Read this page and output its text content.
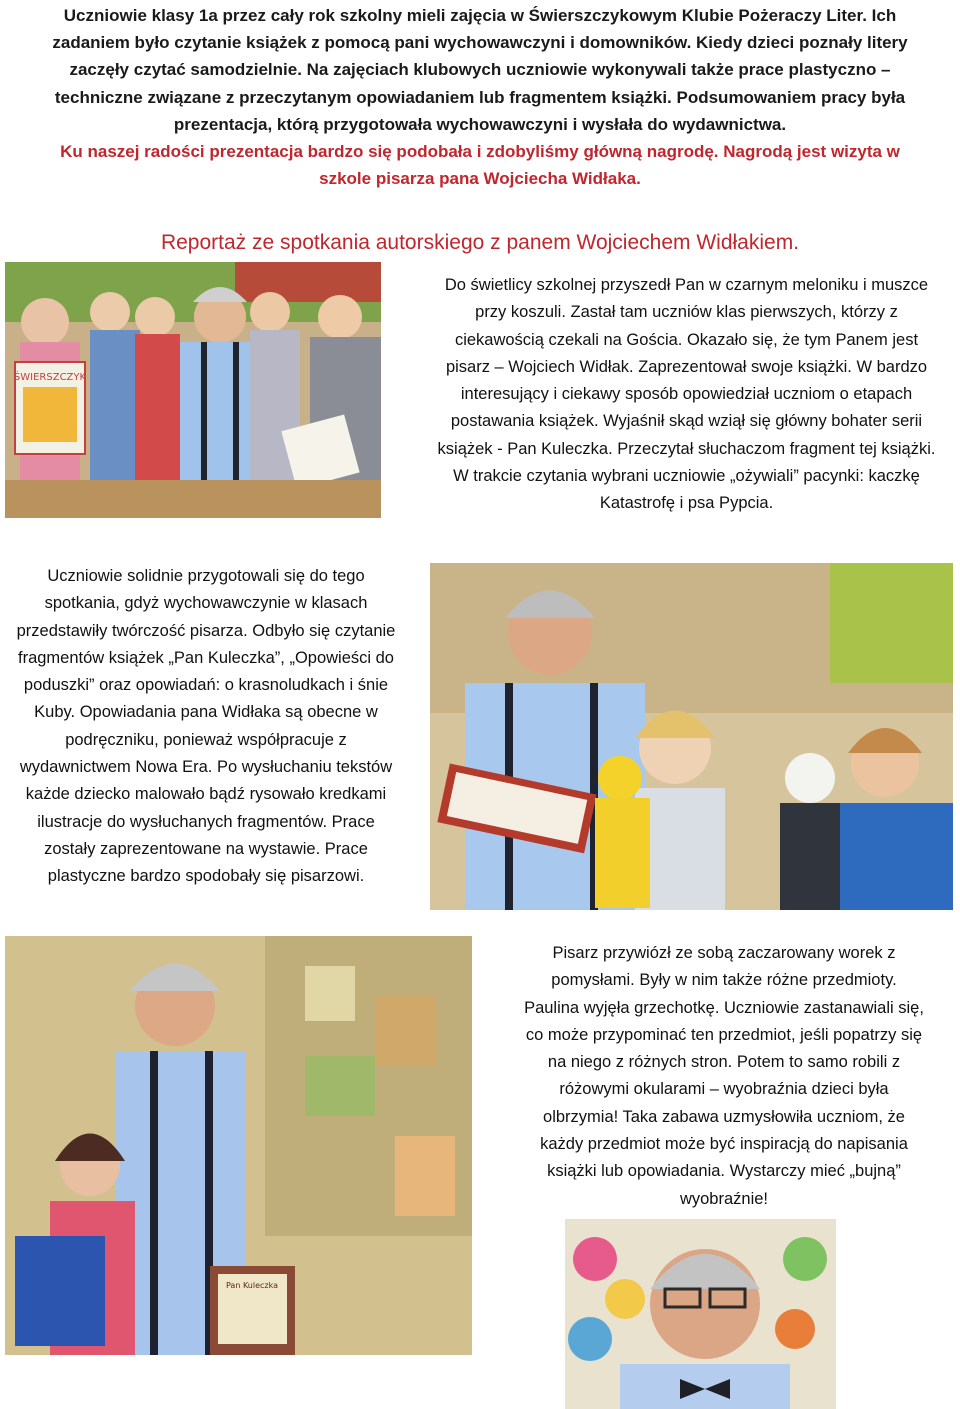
Uczniowie klasy 1a przez cały rok szkolny mieli zajęcia w Świerszczykowym Klubie Pożeraczy Liter. Ich
zadaniem było czytanie książek z pomocą pani wychowawczyni i domowników. Kiedy dzieci poznały litery
zaczęły czytać samodzielnie. Na zajęciach klubowych uczniowie wykonywali także prace plastyczno –
techniczne związane z przeczytanym opowiadaniem lub fragmentem książki. Podsumowaniem pracy była
prezentacja, którą przygotowała wychowawczyni i wysłała do wydawnictwa.
Ku naszej radości prezentacja bardzo się podobała i zdobyliśmy główną nagrodę. Nagrodą jest wizyta w
szkole pisarza pana Wojciecha Widłaka.
Reportaż ze spotkania autorskiego z panem Wojciechem Widłakiem.
ŚWIERSZCZYK
Do świetlicy szkolnej przyszedł Pan w czarnym meloniku i muszce
przy koszuli. Zastał tam uczniów klas pierwszych, którzy z
ciekawością czekali na Gościa. Okazało się, że tym Panem jest
pisarz – Wojciech Widłak. Zaprezentował swoje książki. W bardzo
interesujący i ciekawy sposób opowiedział uczniom o etapach
postawania książek. Wyjaśnił skąd wziął się główny bohater serii
książek - Pan Kuleczka. Przeczytał słuchaczom fragment tej książki.
W trakcie czytania wybrani uczniowie „ożywiali” pacynki: kaczkę
Katastrofę i psa Pypcia.
Uczniowie solidnie przygotowali się do tego
spotkania, gdyż wychowawczynie w klasach
przedstawiły twórczość pisarza. Odbyło się czytanie
fragmentów książek „Pan Kuleczka”, „Opowieści do
poduszki” oraz opowiadań: o krasnoludkach i śnie
Kuby. Opowiadania pana Widłaka są obecne w
podręczniku, ponieważ współpracuje z
wydawnictwem Nowa Era. Po wysłuchaniu tekstów
każde dziecko malowało bądź rysowało kredkami
ilustracje do wysłuchanych fragmentów. Prace
zostały zaprezentowane na wystawie. Prace
plastyczne bardzo spodobały się pisarzowi.
Pan Kuleczka
Pisarz przywiózł ze sobą zaczarowany worek z
pomysłami. Były w nim także różne przedmioty.
Paulina wyjęła grzechotkę. Uczniowie zastanawiali się,
co może przypominać ten przedmiot, jeśli popatrzy się
na niego z różnych stron. Potem to samo robili z
różowymi okularami – wyobraźnia dzieci była
olbrzymia! Taka zabawa uzmysłowiła uczniom, że
każdy przedmiot może być inspiracją do napisania
książki lub opowiadania. Wystarczy mieć „bujną”
wyobraźnie!
